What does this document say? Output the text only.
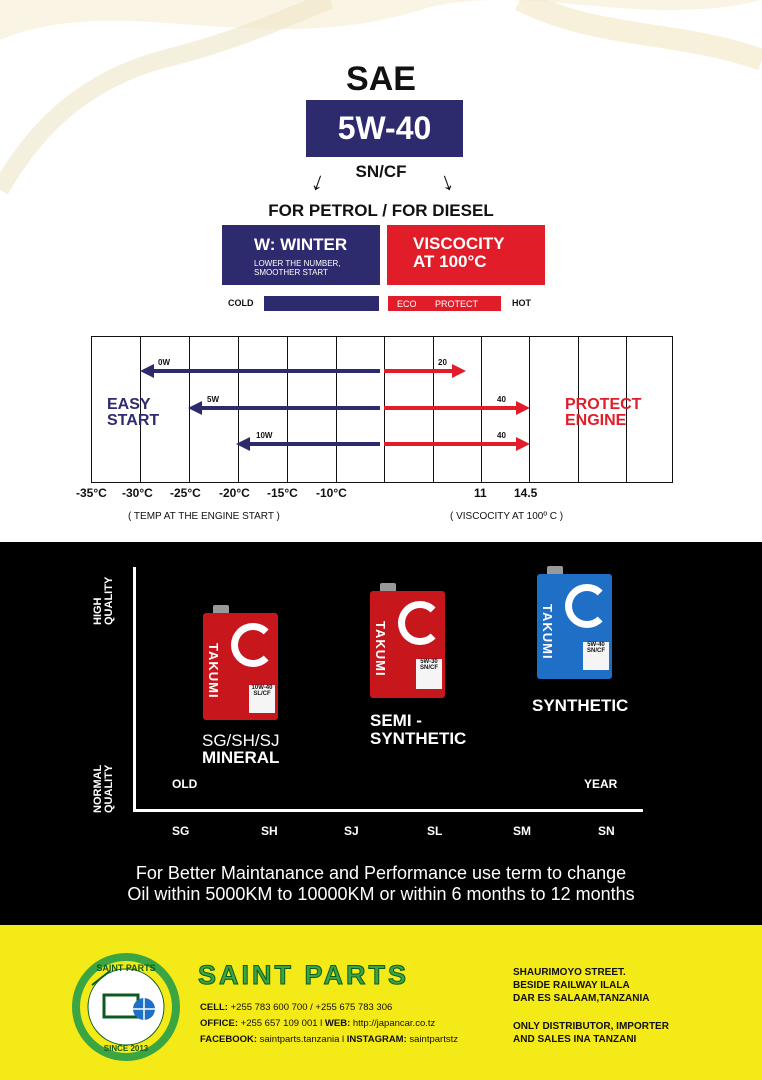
SAE
5W-40
SN/CF
↓	↓
FOR PETROL / FOR DIESEL
W: WINTER
LOWER THE NUMBER,
SMOOTHER START
VISCOCITY
AT 100°C
COLD	ECO PROTECT	HOT
0W
5W
10W
20
40
40
EASY
START
PROTECT
ENGINE
-35°C -30°C -25°C -20°C -15°C -10°C	11 14.5
( TEMP AT THE ENGINE START )	( VISCOCITY AT 100º C )
HIGH QUALITY
NORMAL QUALITY	OLD	YEAR
SG	SH	SJ	SL	SM	SN
TAKUMI	10W-40
SL/CF
TAKUMI	5W-30
SN/CF
TAKUMI	5W-40
SN/CF
SG/SH/SJ
MINERAL
SEMI -
SYNTHETIC
SYNTHETIC
For Better Maintanance and Performance use term to change
Oil within 5000KM to 10000KM or within 6 months to 12 months
SAINT PARTS
SINCE 2013
SAINT PARTS
CELL: +255 783 600 700 / +255 675 783 306
OFFICE: +255 657 109 001 l WEB: http://japancar.co.tz
FACEBOOK: saintparts.tanzania l INSTAGRAM: saintpartstz
SHAURIMOYO STREET.
BESIDE RAILWAY ILALA
DAR ES SALAAM,TANZANIA
ONLY DISTRIBUTOR, IMPORTER
AND SALES INA TANZANI
